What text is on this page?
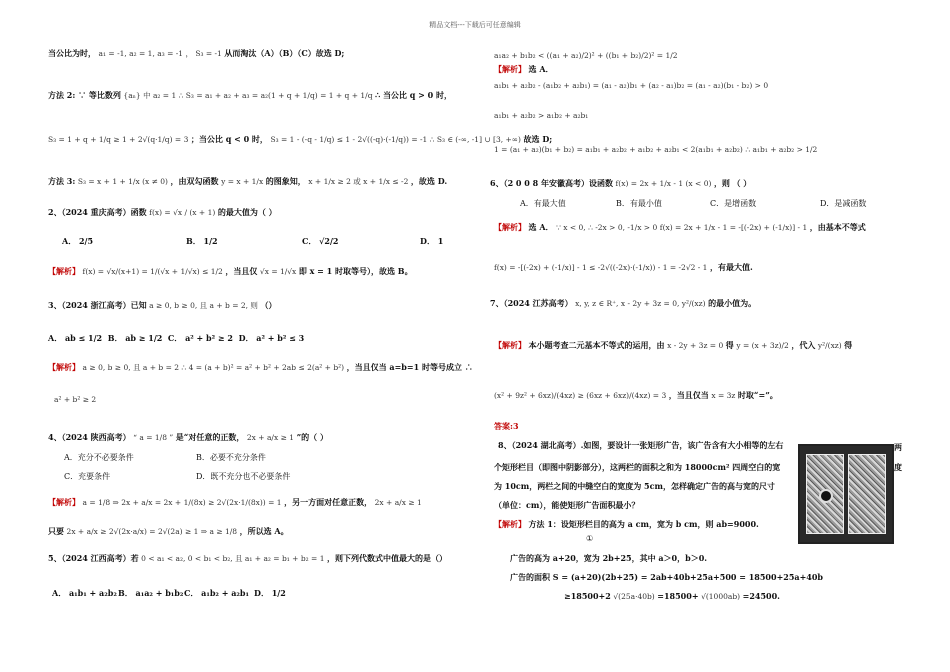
精品文档---下载后可任意编辑
当公比为时， a₁ = -1, a₂ = 1, a₃ = -1 ， S₃ = -1 从而淘汰（A）（B）（C）故选 D;
方法 2: ∵ 等比数列 {aₙ} 中 a₂ = 1 ∴ S₃ = a₁ + a₂ + a₃ = a₂(1 + q + 1/q) = 1 + q + 1/q ∴ 当公比 q > 0 时，
S₃ = 1 + q + 1/q ≥ 1 + 2√(q·1/q) = 3 ；当公比 q < 0 时， S₃ = 1 - (-q - 1/q) ≤ 1 - 2√((-q)·(-1/q)) = -1 ∴ S₃ ∈ (-∞, -1] ∪ [3, +∞) 故选 D;
方法 3: S₃ = x + 1 + 1/x (x ≠ 0) ，由双勾函数 y = x + 1/x 的图象知， x + 1/x ≥ 2 或 x + 1/x ≤ -2 ，故选 D.
2、（2024 重庆高考）函数 f(x) = √x / (x + 1) 的最大值为（ ）
A． 2/5	B． 1/2	C． √2/2	D． 1
【解析】 f(x) = √x/(x+1) = 1/(√x + 1/√x) ≤ 1/2 ，当且仅 √x = 1/√x 即 x = 1 时取等号），故选 B。
3、（2024 浙江高考）已知 a ≥ 0, b ≥ 0, 且 a + b = 2, 则 （）
A． ab ≤ 1/2 B． ab ≥ 1/2 C． a² + b² ≥ 2 D． a² + b² ≤ 3
【解析】 a ≥ 0, b ≥ 0, 且 a + b = 2 ∴ 4 = (a + b)² = a² + b² + 2ab ≤ 2(a² + b²) ，当且仅当 a=b=1 时等号成立 ∴
a² + b² ≥ 2
4、（2024 陕西高考） “ a = 1/8 ” 是“对任意的正数， 2x + a/x ≥ 1 ”的（ ）
A．充分不必要条件	B．必要不充分条件
C．充要条件	D．既不充分也不必要条件
【解析】 a = 1/8 ⇒ 2x + a/x = 2x + 1/(8x) ≥ 2√(2x·1/(8x)) = 1 ，另一方面对任意正数， 2x + a/x ≥ 1
只要 2x + a/x ≥ 2√(2x·a/x) = 2√(2a) ≥ 1 ⇒ a ≥ 1/8 ，所以选 A。
5、（2024 江西高考）若 0 < a₁ < a₂, 0 < b₁ < b₂, 且 a₁ + a₂ = b₁ + b₂ = 1 ，则下列代数式中值最大的是（）
A． a₁b₁ + a₂b₂ B． a₁a₂ + b₁b₂ C． a₁b₂ + a₂b₁ D． 1/2
a₁a₂ + b₁b₂ < ((a₁ + a₂)/2)² + ((b₁ + b₂)/2)² = 1/2
【解析】 选 A．
a₁b₁ + a₂b₂ - (a₁b₂ + a₂b₁) = (a₁ - a₂)b₁ + (a₂ - a₁)b₂ = (a₁ - a₂)(b₁ - b₂) > 0
a₁b₁ + a₂b₂ > a₁b₂ + a₂b₁
1 = (a₁ + a₂)(b₁ + b₂) = a₁b₁ + a₂b₂ + a₁b₂ + a₂b₁ < 2(a₁b₁ + a₂b₂) ∴ a₁b₁ + a₂b₂ > 1/2
6、（2 0 0 8 年安徽高考）设函数 f(x) = 2x + 1/x - 1 (x < 0) ，则 （ ）
A．有最大值	B．有最小值	C．是增函数	D．是减函数
【解析】 选 A． ∵ x < 0, ∴ -2x > 0, -1/x > 0 f(x) = 2x + 1/x - 1 = -[(-2x) + (-1/x)] - 1 ，由基本不等式
f(x) = -[(-2x) + (-1/x)] - 1 ≤ -2√((-2x)·(-1/x)) - 1 = -2√2 - 1 ，有最大值.
7、（2024 江苏高考） x, y, z ∈ R⁺, x - 2y + 3z = 0, y²/(xz) 的最小值为。
【解析】 本小题考查二元基本不等式的运用，由 x - 2y + 3z = 0 得 y = (x + 3z)/2 ，代入 y²/(xz) 得
(x² + 9z² + 6xz)/(4xz) ≥ (6xz + 6xz)/(4xz) = 3 ，当且仅当 x = 3z 时取“=”。
答案:3
8、（2024 湖北高考）.如图，要设计一张矩形广告，该广告含有大小相等的左右
个矩形栏目（即图中阴影部分），这两栏的面积之和为 18000cm² 四周空白的宽
为 10cm，两栏之间的中缝空白的宽度为 5cm，怎样确定广告的高与宽的尺寸
（单位：cm），能使矩形广告面积最小？
【解析】 方法 1：设矩形栏目的高为 a cm，宽为 b cm，则 ab=9000.
①
广告的高为 a+20，宽为 2b+25，其中 a＞0，b＞0.
广告的面积 S = (a+20)(2b+25) = 2ab+40b+25a+500 = 18500+25a+40b
≥18500+2 √(25a·40b) =18500+ √(1000ab) =24500.
两
度
